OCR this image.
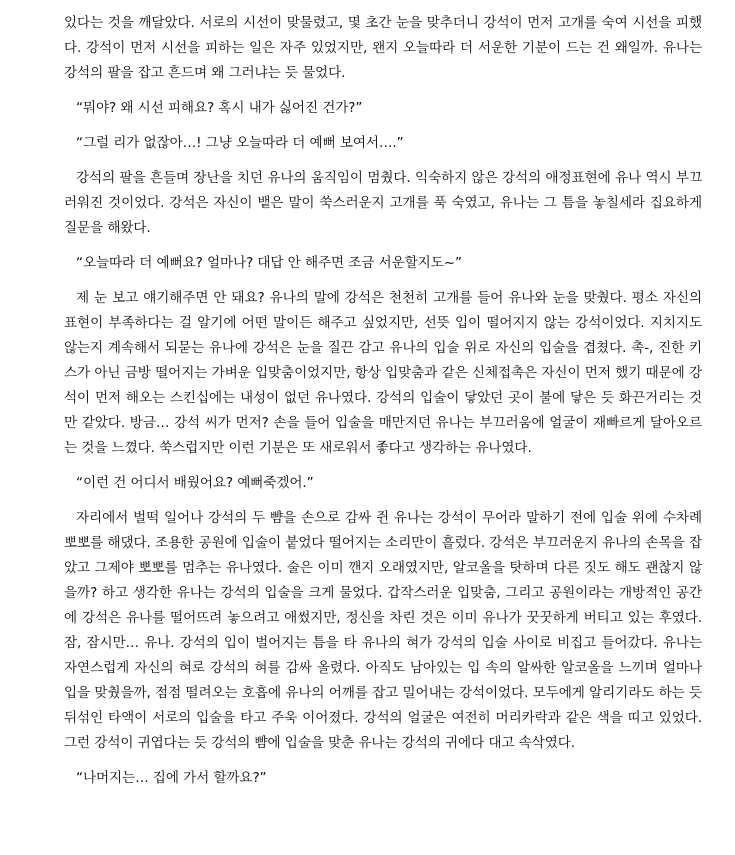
있다는 것을 깨달았다. 서로의 시선이 맞물렸고, 몇 초간 눈을 맞추더니 강석이 먼저 고개를 숙여 시선을 피했다. 강석이 먼저 시선을 피하는 일은 자주 있었지만, 왠지 오늘따라 더 서운한 기분이 드는 건 왜일까. 유나는 강석의 팔을 잡고 흔드며 왜 그러냐는 듯 물었다.

“뭐야? 왜 시선 피해요? 혹시 내가 싫어진 건가?”

“그럴 리가 없잖아…! 그냥 오늘따라 더 예뻐 보여서….”

강석의 팔을 흔들며 장난을 치던 유나의 움직임이 멈췄다. 익숙하지 않은 강석의 애정표현에 유나 역시 부끄러워진 것이었다. 강석은 자신이 뱉은 말이 쑥스러운지 고개를 푹 숙였고, 유나는 그 틈을 놓칠세라 집요하게 질문을 해왔다.

“오늘따라 더 예뻐요? 얼마나? 대답 안 해주면 조금 서운할지도~”

제 눈 보고 얘기해주면 안 돼요? 유나의 말에 강석은 천천히 고개를 들어 유나와 눈을 맞췄다. 평소 자신의 표현이 부족하다는 걸 알기에 어떤 말이든 해주고 싶었지만, 선뜻 입이 떨어지지 않는 강석이었다. 지치지도 않는지 계속해서 되묻는 유나에 강석은 눈을 질끈 감고 유나의 입술 위로 자신의 입술을 겹쳤다. 촉-, 진한 키스가 아닌 금방 떨어지는 가벼운 입맞춤이었지만, 항상 입맞춤과 같은 신체접촉은 자신이 먼저 했기 때문에 강석이 먼저 해오는 스킨십에는 내성이 없던 유나였다. 강석의 입술이 닿았던 곳이 불에 닿은 듯 화끈거리는 것만 같았다. 방금… 강석 씨가 먼저? 손을 들어 입술을 매만지던 유나는 부끄러움에 얼굴이 재빠르게 달아오르는 것을 느꼈다. 쑥스럽지만 이런 기분은 또 새로워서 좋다고 생각하는 유나였다.

“이런 건 어디서 배웠어요? 예뻐죽겠어.”

자리에서 벌떡 일어나 강석의 두 뺨을 손으로 감싸 쥔 유나는 강석이 무어라 말하기 전에 입술 위에 수차례 뽀뽀를 해댔다. 조용한 공원에 입술이 붙었다 떨어지는 소리만이 흘렀다. 강석은 부끄러운지 유나의 손목을 잡았고 그제야 뽀뽀를 멈추는 유나였다. 술은 이미 깬지 오래였지만, 알코올을 탓하며 다른 짓도 해도 괜찮지 않을까? 하고 생각한 유나는 강석의 입술을 크게 물었다. 갑작스러운 입맞춤, 그리고 공원이라는 개방적인 공간에 강석은 유나를 떨어뜨려 놓으려고 애썼지만, 정신을 차린 것은 이미 유나가 꿋꿋하게 버티고 있는 후였다. 잠, 잠시만… 유나. 강석의 입이 벌어지는 틈을 타 유나의 혀가 강석의 입술 사이로 비집고 들어갔다. 유나는 자연스럽게 자신의 혀로 강석의 혀를 감싸 올렸다. 아직도 남아있는 입 속의 알싸한 알코올을 느끼며 얼마나 입을 맞췄을까, 점점 떨려오는 호흡에 유나의 어깨를 잡고 밀어내는 강석이었다. 모두에게 알리기라도 하는 듯 뒤섞인 타액이 서로의 입술을 타고 주욱 이어졌다. 강석의 얼굴은 여전히 머리카락과 같은 색을 띠고 있었다. 그런 강석이 귀엽다는 듯 강석의 뺨에 입술을 맞춘 유나는 강석의 귀에다 대고 속삭였다.

“나머지는… 집에 가서 할까요?”
